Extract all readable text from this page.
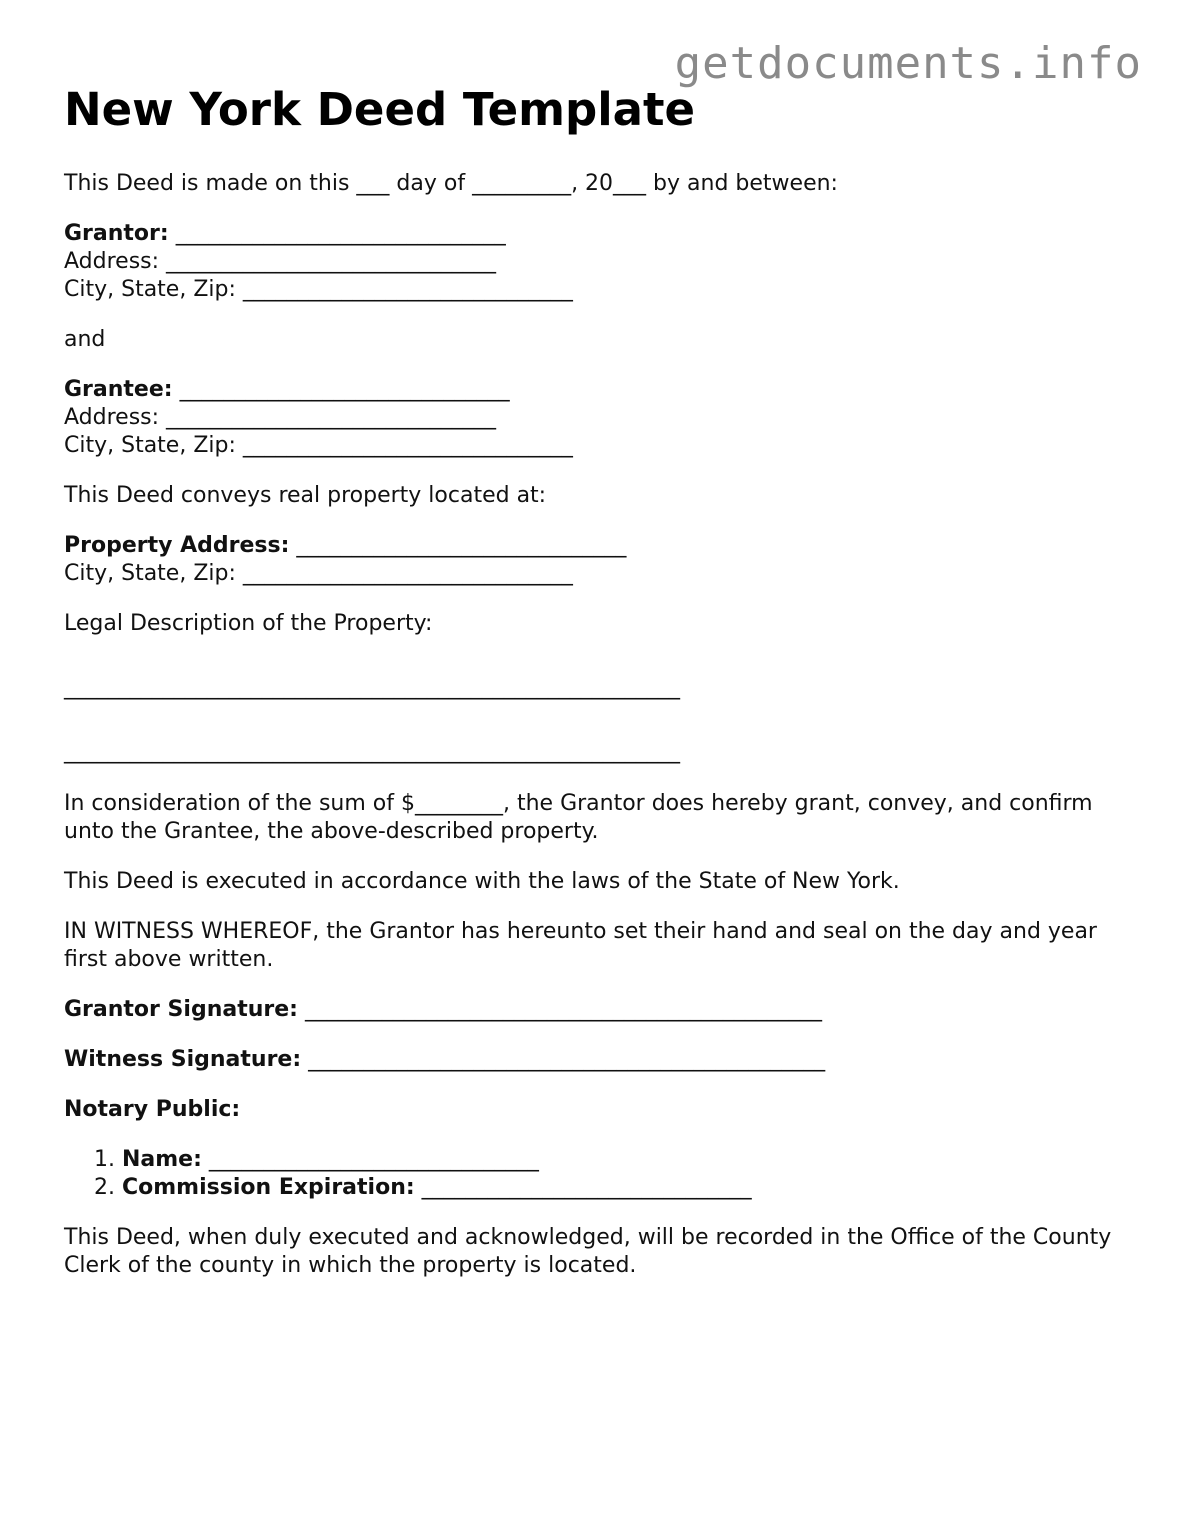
getdocuments.info
New York Deed Template

This Deed is made on this ___ day of _________, 20___ by and between:

Grantor: ______________________________

Address: ______________________________

City, State, Zip: ______________________________

and

Grantee: ______________________________

Address: ______________________________

City, State, Zip: ______________________________

This Deed conveys real property located at:

Property Address: ______________________________

City, State, Zip: ______________________________

Legal Description of the Property:

________________________________________________________

________________________________________________________

In consideration of the sum of $________, the Grantor does hereby grant, convey, and confirm unto the Grantee, the above-described property.

This Deed is executed in accordance with the laws of the State of New York.

IN WITNESS WHEREOF, the Grantor has hereunto set their hand and seal on the day and year first above written.

Grantor Signature: _______________________________________________

Witness Signature: _______________________________________________

Notary Public:

1. Name: ______________________________
2. Commission Expiration: ______________________________

This Deed, when duly executed and acknowledged, will be recorded in the Office of the County Clerk of the county in which the property is located.
